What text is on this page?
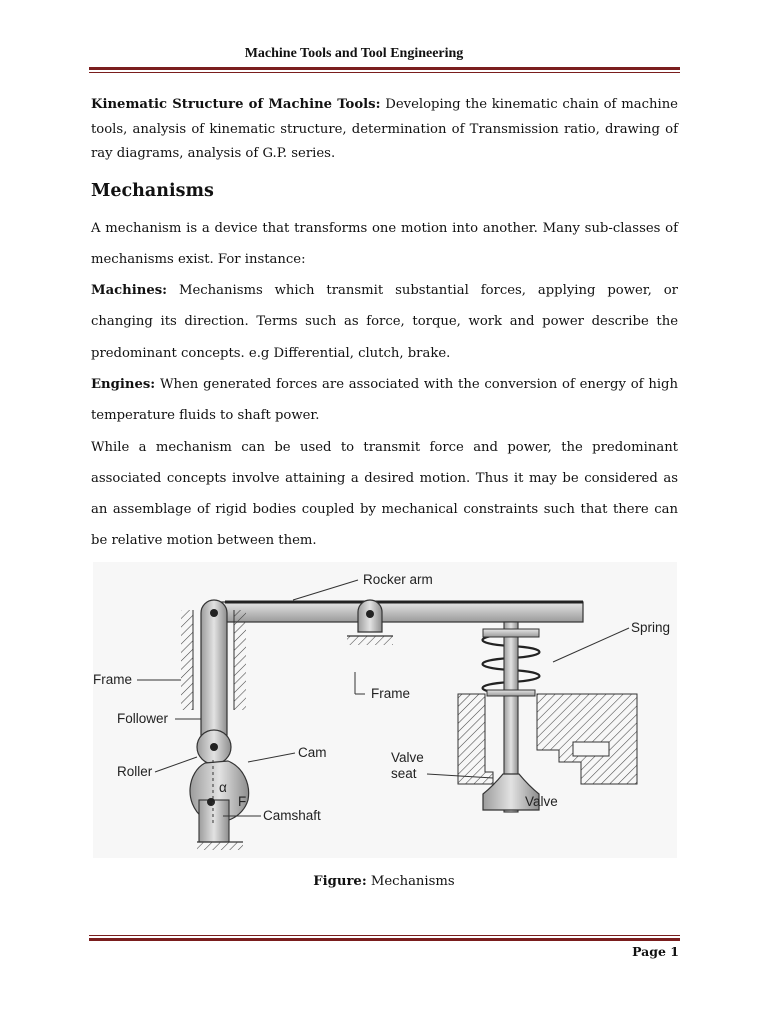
Machine Tools and Tool Engineering

Kinematic Structure of Machine Tools: Developing the kinematic chain of machine tools, analysis of kinematic structure, determination of Transmission ratio, drawing of ray diagrams, analysis of G.P. series.

Mechanisms

A mechanism is a device that transforms one motion into another. Many sub-classes of mechanisms exist. For instance:

Machines: Mechanisms which transmit substantial forces, applying power, or changing its direction. Terms such as force, torque, work and power describe the predominant concepts. e.g Differential, clutch, brake.

Engines: When generated forces are associated with the conversion of energy of high temperature fluids to shaft power.

While a mechanism can be used to transmit force and power, the predominant associated concepts involve attaining a desired motion. Thus it may be considered as an assemblage of rigid bodies coupled by mechanical constraints such that there can be relative motion between them.

Rocker arm
Spring
Frame
Frame
Follower
Cam
Roller
Valve
seat
Valve
Camshaft
α
F
Figure: Mechanisms
Page 1
